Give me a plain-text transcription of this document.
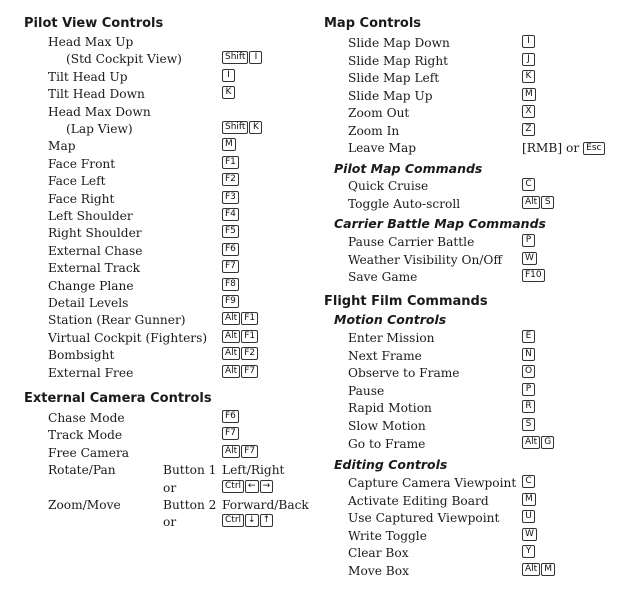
Pilot View Controls
Head Max Up
(Std Cockpit View)	Shift	I
Tilt Head Up	I
Tilt Head Down	K
Head Max Down
(Lap View)	Shift K
Map	M
Face Front	F1
Face Left	F2
Face Right	F3
Left Shoulder	F4
Right Shoulder	F5
External Chase	F6
External Track	F7
Change Plane	F8
Detail Levels	F9
Station (Rear Gunner)	Alt F1
Virtual Cockpit (Fighters)	Alt F1
Bombsight	Alt F2
External Free	Alt F7
External Camera Controls
Chase Mode	F6
Track Mode	F7
Free Camera	Alt F7
Rotate/Pan	Button 1 Left/Right
or	Ctrl ← →
Zoom/Move	Button 2 Forward/Back
or	Ctrl ↓ ↑
Map Controls
Slide Map Down	I
Slide Map Right	J
Slide Map Left	K
Slide Map Up	M
Zoom Out	X
Zoom In	Z
Leave Map	[RMB] or Esc
Pilot Map Commands
Quick Cruise	C
Toggle Auto-scroll	Alt S
Carrier Battle Map Commands
Pause Carrier Battle	P
Weather Visibility On/Off	W
Save Game	F10
Flight Film Commands
Motion Controls
Enter Mission	E
Next Frame	N
Observe to Frame	O
Pause	P
Rapid Motion	R
Slow Motion	S
Go to Frame	Alt G
Editing Controls
Capture Camera Viewpoint	C
Activate Editing Board	M
Use Captured Viewpoint	U
Write Toggle	W
Clear Box	Y
Move Box	Alt M
